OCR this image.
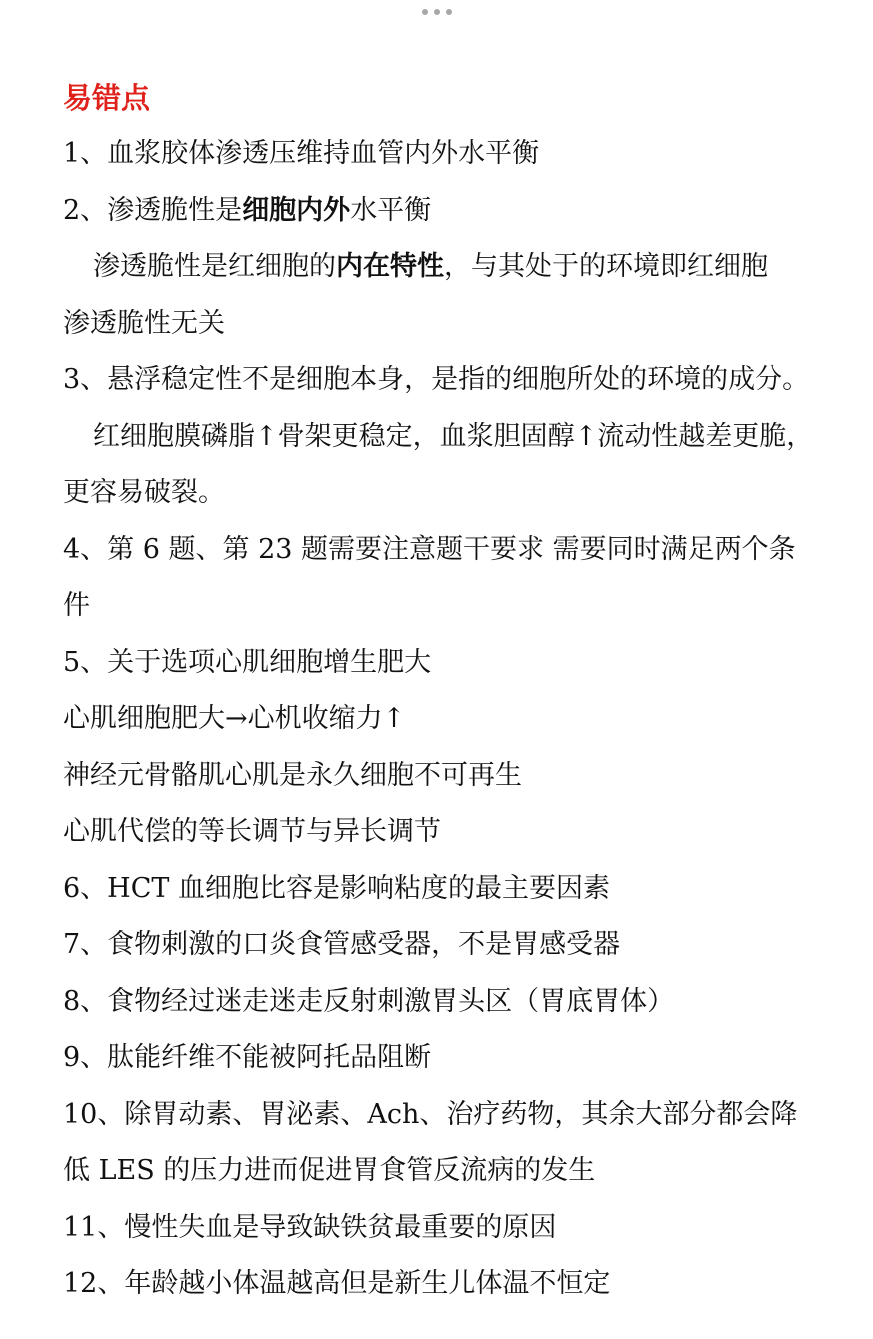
易错点

1、血浆胶体渗透压维持血管内外水平衡

2、渗透脆性是细胞内外水平衡

渗透脆性是红细胞的内在特性，与其处于的环境即红细胞

渗透脆性无关

3、悬浮稳定性不是细胞本身，是指的细胞所处的环境的成分。

红细胞膜磷脂↑骨架更稳定，血浆胆固醇↑流动性越差更脆，

更容易破裂。

4、第 6 题、第 23 题需要注意题干要求 需要同时满足两个条

件

5、关于选项心肌细胞增生肥大

心肌细胞肥大→心机收缩力↑

神经元骨骼肌心肌是永久细胞不可再生

心肌代偿的等长调节与异长调节

6、HCT 血细胞比容是影响粘度的最主要因素

7、食物刺激的口炎食管感受器，不是胃感受器

8、食物经过迷走迷走反射刺激胃头区（胃底胃体）

9、肽能纤维不能被阿托品阻断

10、除胃动素、胃泌素、Ach、治疗药物，其余大部分都会降

低 LES 的压力进而促进胃食管反流病的发生

11、慢性失血是导致缺铁贫最重要的原因

12、年龄越小体温越高但是新生儿体温不恒定
